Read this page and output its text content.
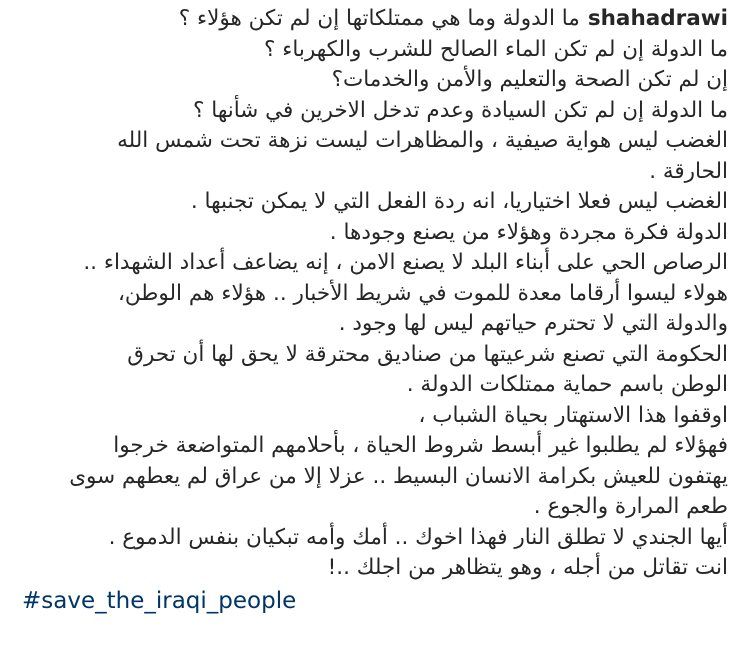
shahadrawiما الدولة وما هي ممتلكاتها إن لم تكن هؤلاء ؟
ما الدولة إن لم تكن الماء الصالح للشرب والكهرباء ؟
إن لم تكن الصحة والتعليم والأمن والخدمات؟
ما الدولة إن لم تكن السيادة وعدم تدخل الاخرين في شأنها ؟
الغضب ليس هواية صيفية ، والمظاهرات ليست نزهة تحت شمس الله
الحارقة .
الغضب ليس فعلا اختياريا، انه ردة الفعل التي لا يمكن تجنبها .
الدولة فكرة مجردة وهؤلاء من يصنع وجودها .
الرصاص الحي على أبناء البلد لا يصنع الامن ، إنه يضاعف أعداد الشهداء ..
هولاء ليسوا أرقاما معدة للموت في شريط الأخبار .. هؤلاء هم الوطن،
والدولة التي لا تحترم حياتهم ليس لها وجود .
الحكومة التي تصنع شرعيتها من صناديق محترقة لا يحق لها أن تحرق
الوطن باسم حماية ممتلكات الدولة .
اوقفوا هذا الاستهتار بحياة الشباب ،
فهؤلاء لم يطلبوا غير أبسط شروط الحياة ، بأحلامهم المتواضعة خرجوا
يهتفون للعيش بكرامة الانسان البسيط .. عزلا إلا من عراق لم يعطهم سوى
طعم المرارة والجوع .
أيها الجندي لا تطلق النار فهذا اخوك .. أمك وأمه تبكيان بنفس الدموع .
انت تقاتل من أجله ، وهو يتظاهر من اجلك ..!
#save_the_iraqi_people
